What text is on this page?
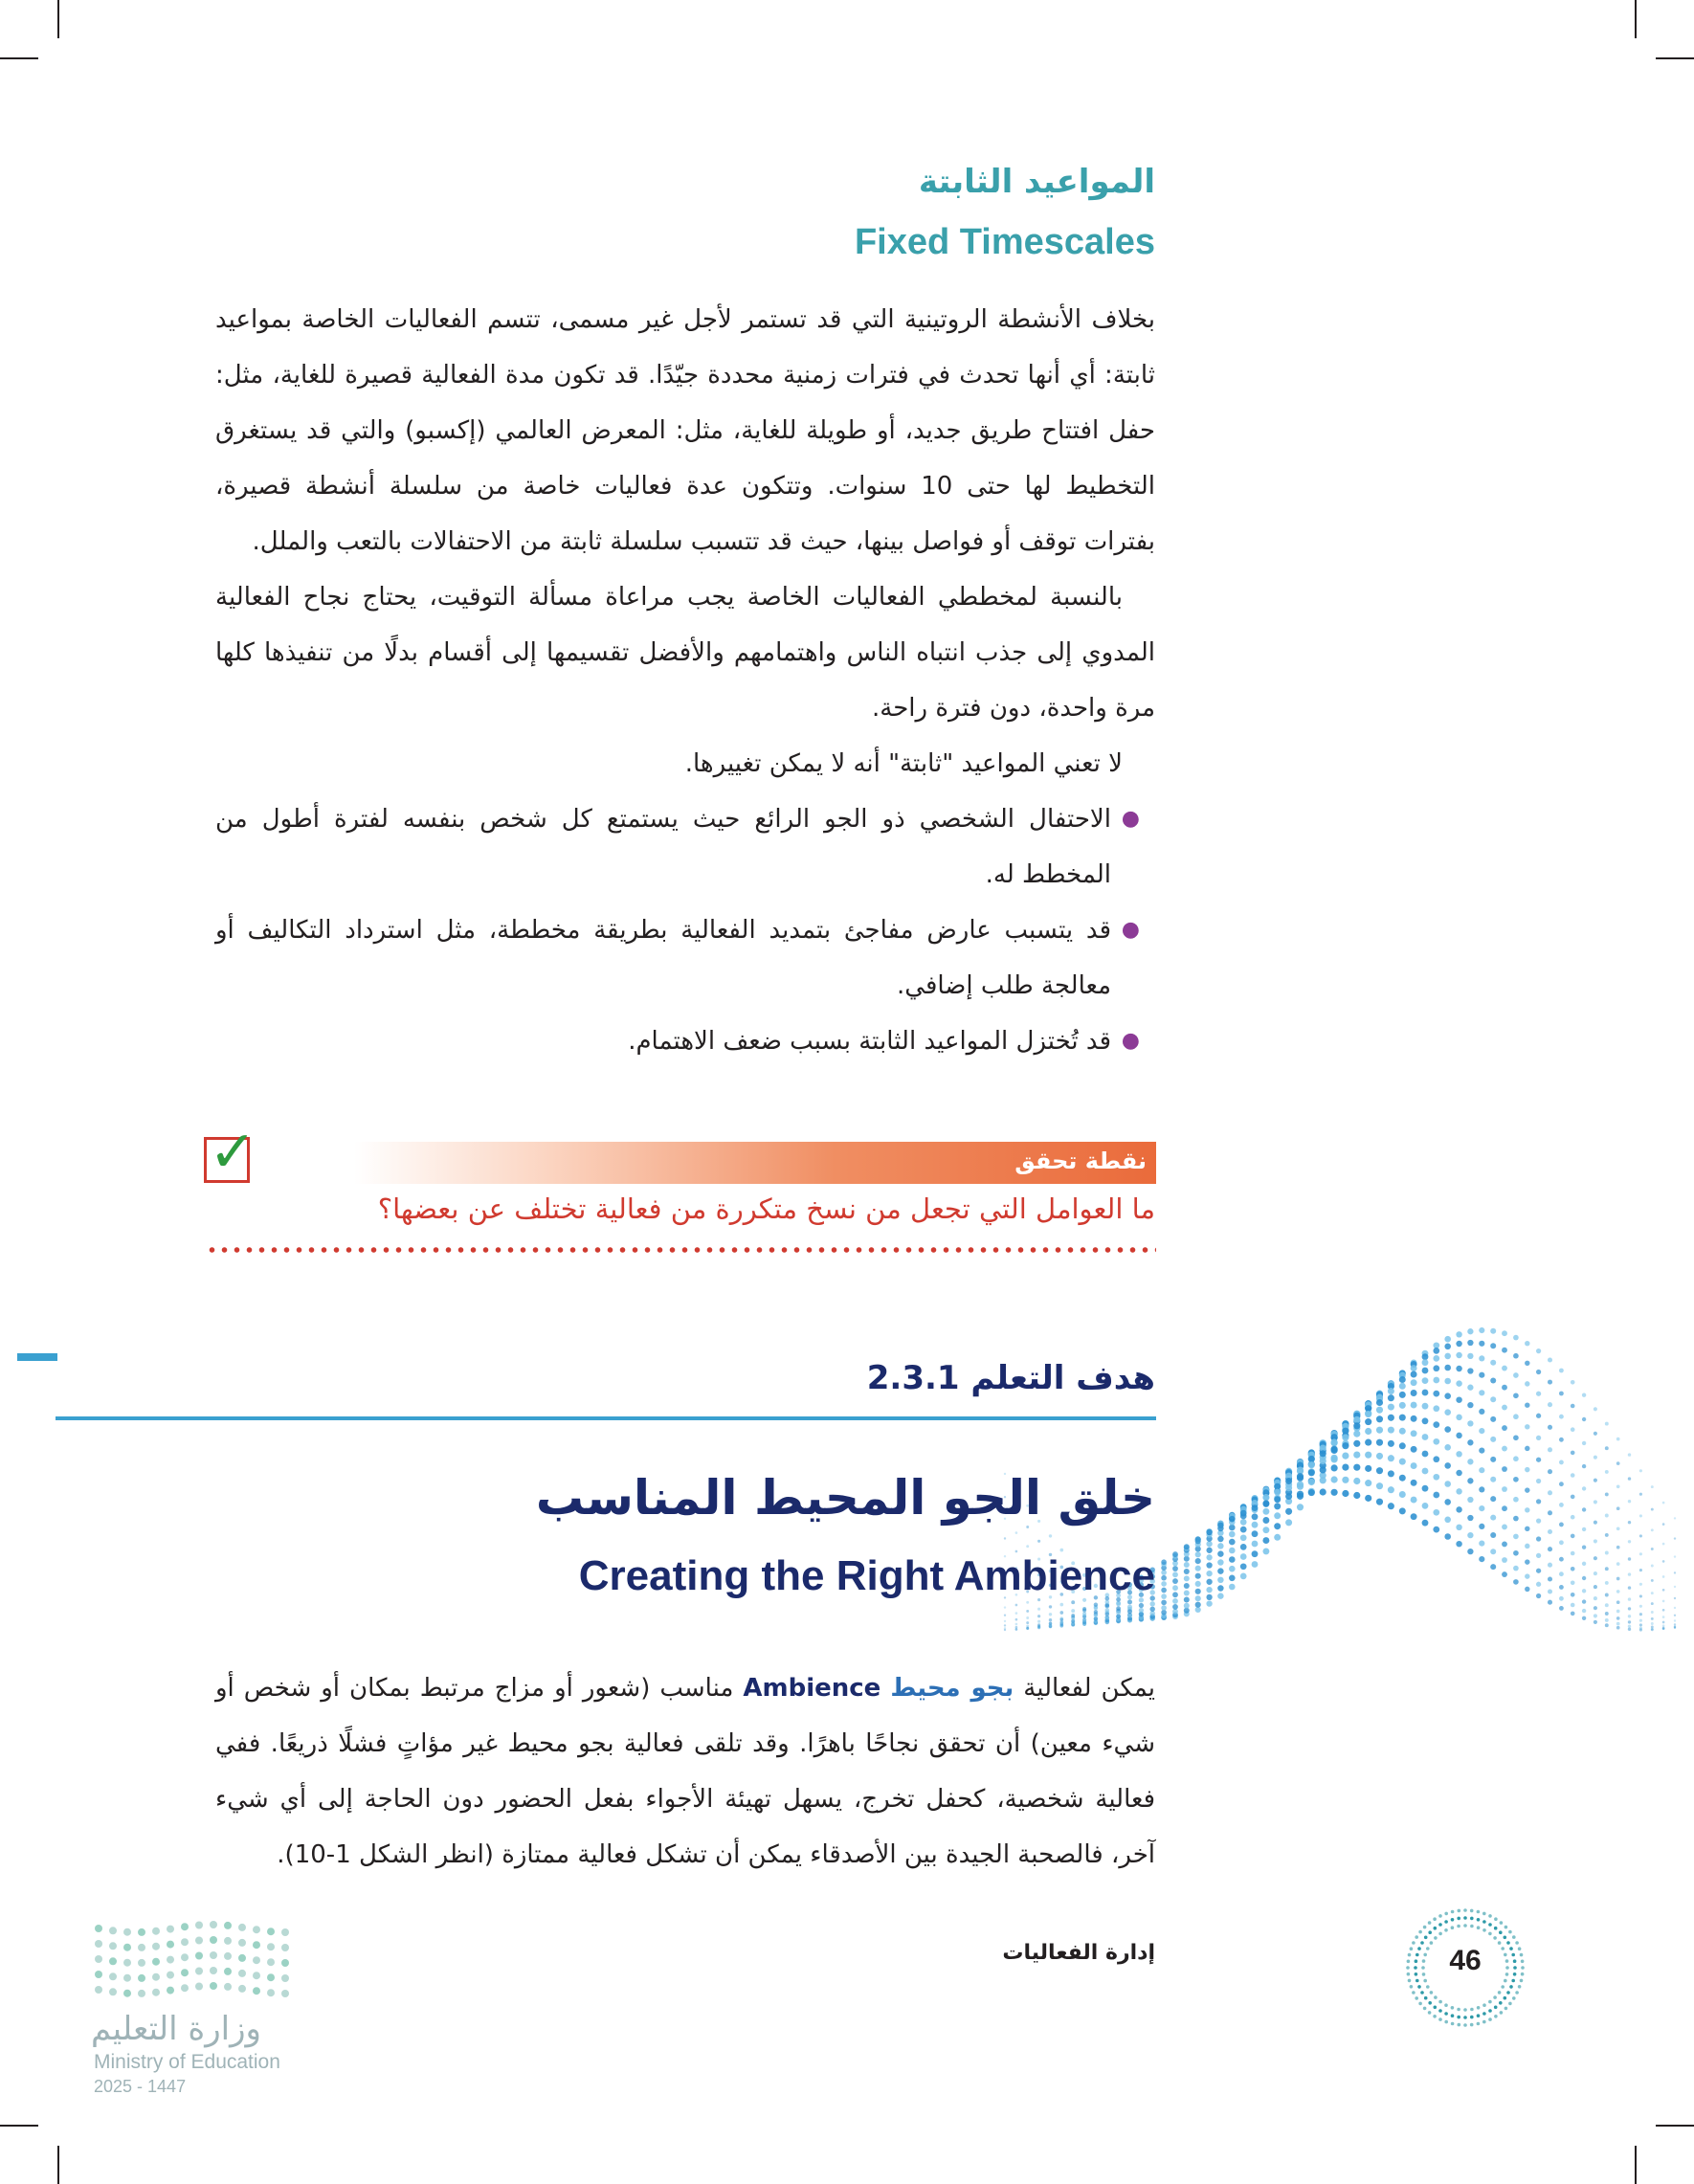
المواعيد الثابتة
Fixed Timescales

بخلاف الأنشطة الروتينية التي قد تستمر لأجل غير مسمى، تتسم الفعاليات الخاصة بمواعيد ثابتة: أي أنها تحدث في فترات زمنية محددة جيّدًا. قد تكون مدة الفعالية قصيرة للغاية، مثل: حفل افتتاح طريق جديد، أو طويلة للغاية، مثل: المعرض العالمي (إكسبو) والتي قد يستغرق التخطيط لها حتى 10 سنوات. وتتكون عدة فعاليات خاصة من سلسلة أنشطة قصيرة، بفترات توقف أو فواصل بينها، حيث قد تتسبب سلسلة ثابتة من الاحتفالات بالتعب والملل.

بالنسبة لمخططي الفعاليات الخاصة يجب مراعاة مسألة التوقيت، يحتاج نجاح الفعالية المدوي إلى جذب انتباه الناس واهتمامهم والأفضل تقسيمها إلى أقسام بدلًا من تنفيذها كلها مرة واحدة، دون فترة راحة.

لا تعني المواعيد "ثابتة" أنه لا يمكن تغييرها.

●
الاحتفال الشخصي ذو الجو الرائع حيث يستمتع كل شخص بنفسه لفترة أطول من المخطط له.
●
قد يتسبب عارض مفاجئ بتمديد الفعالية بطريقة مخططة، مثل استرداد التكاليف أو معالجة طلب إضافي.
●
قد تُختزل المواعيد الثابتة بسبب ضعف الاهتمام.
✓	نقطة تحقق
ما العوامل التي تجعل من نسخ متكررة من فعالية تختلف عن بعضها؟
هدف التعلم 2.3.1
خلق الجو المحيط المناسب
Creating the Right Ambience

يمكن لفعالية بجو محيط Ambience مناسب (شعور أو مزاج مرتبط بمكان أو شخص أو شيء معين) أن تحقق نجاحًا باهرًا. وقد تلقى فعالية بجو محيط غير مؤاتٍ فشلًا ذريعًا. ففي فعالية شخصية، كحفل تخرج، يسهل تهيئة الأجواء بفعل الحضور دون الحاجة إلى أي شيء آخر، فالصحبة الجيدة بين الأصدقاء يمكن أن تشكل فعالية ممتازة (انظر الشكل 1-10).

إدارة الفعاليات	46
وزارة التعليم
Ministry of Education
2025 - 1447
